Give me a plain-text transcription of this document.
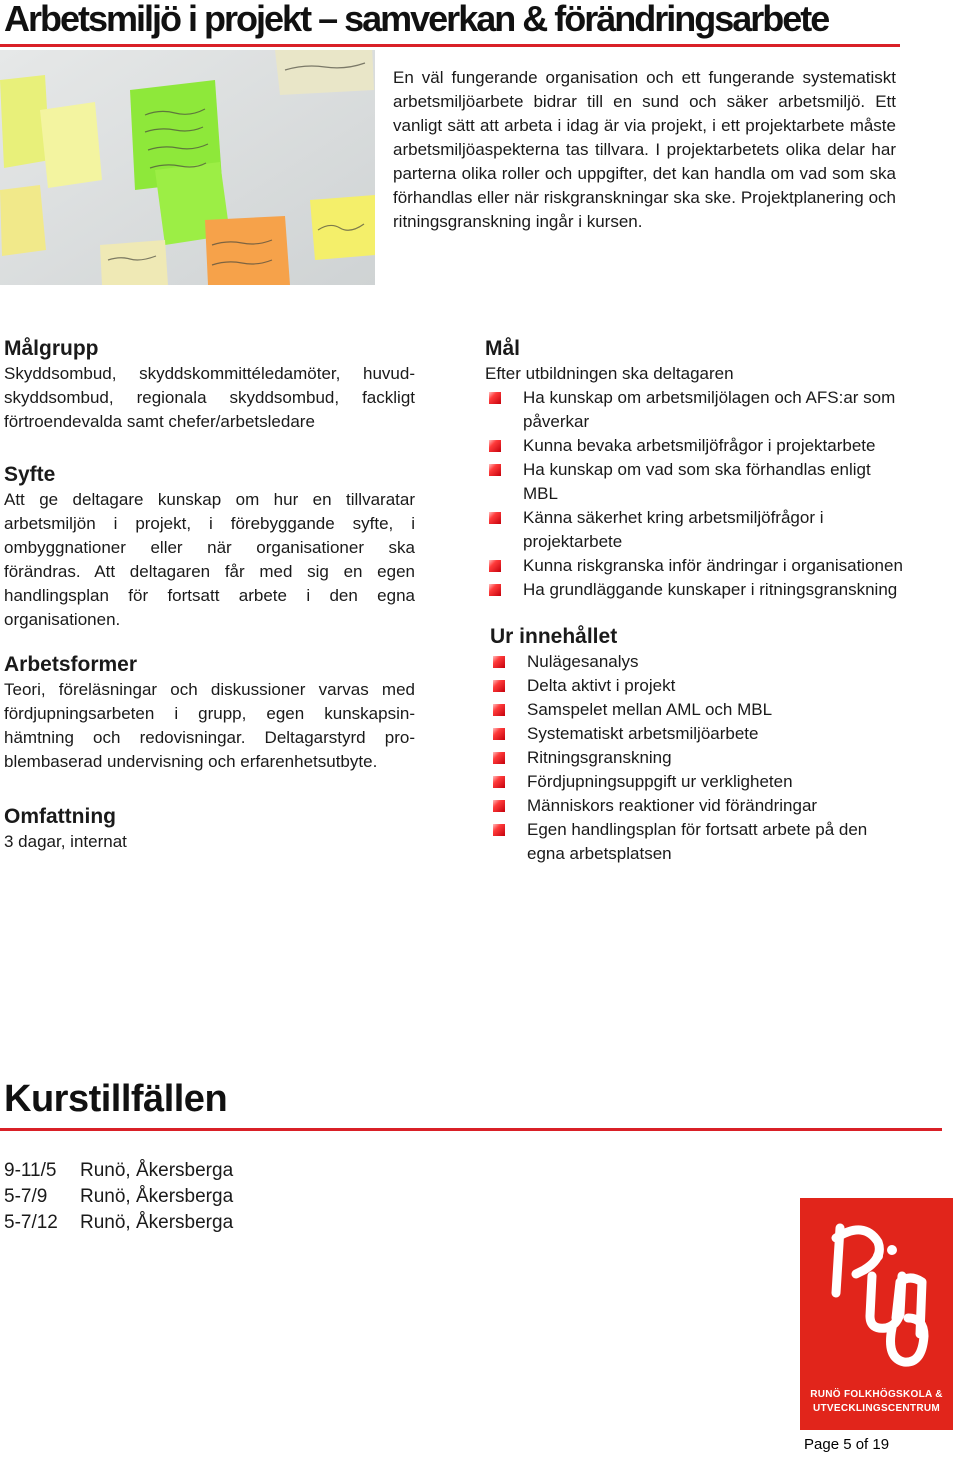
Arbetsmiljö i projekt – samverkan & förändringsarbete

En väl fungerande organisation och ett fungerande systematiskt arbetsmiljöarbete bidrar till en sund och säker arbetsmiljö. Ett vanligt sätt att arbeta i idag är via projekt, i ett projektarbete måste arbetsmiljöaspekterna tas tillvara. I projektarbetets olika delar har parterna olika roller och uppgifter, det kan handla om vad som ska förhandlas eller när riskgranskningar ska ske. Projektplanering och ritningsgranskning ingår i kursen.

Målgrupp

Skyddsombud, skyddskommittéledamöter, huvudskyddsombud, regionala skyddsombud, fackligt förtroendevalda samt chefer/arbetsledare

Syfte

Att ge deltagare kunskap om hur en tillvaratar arbetsmiljön i projekt, i förebyggande syfte, i ombyggnationer eller när organisationer ska förändras. Att deltagaren får med sig en egen handlingsplan för fortsatt arbete i den egna organisationen.

Arbetsformer

Teori, föreläsningar och diskussioner varvas med fördjupningsarbeten i grupp, egen kunskapsinhämtning och redovisningar. Deltagarstyrd problembaserad undervisning och erfarenhetsutbyte.

Omfattning

3 dagar, internat

Mål

Efter utbildningen ska deltagaren

Ha kunskap om arbetsmiljölagen och AFS:ar som påverkar
Kunna bevaka arbetsmiljöfrågor i projektarbete
Ha kunskap om vad som ska förhandlas enligt MBL
Känna säkerhet kring arbetsmiljöfrågor i projektarbete
Kunna riskgranska inför ändringar i organisationen
Ha grundläggande kunskaper i ritningsgranskning
Ur innehållet
Nulägesanalys
Delta aktivt i projekt
Samspelet mellan AML och MBL
Systematiskt arbetsmiljöarbete
Ritningsgranskning
Fördjupningsuppgift ur verkligheten
Människors reaktioner vid förändringar
Egen handlingsplan för fortsatt arbete på den egna arbetsplatsen
Kurstillfällen
9-11/5 Runö, Åkersberga
5-7/9 Runö, Åkersberga
5-7/12 Runö, Åkersberga
RUNÖ FOLKHÖGSKOLA &
UTVECKLINGSCENTRUM
Page 5 of 19
